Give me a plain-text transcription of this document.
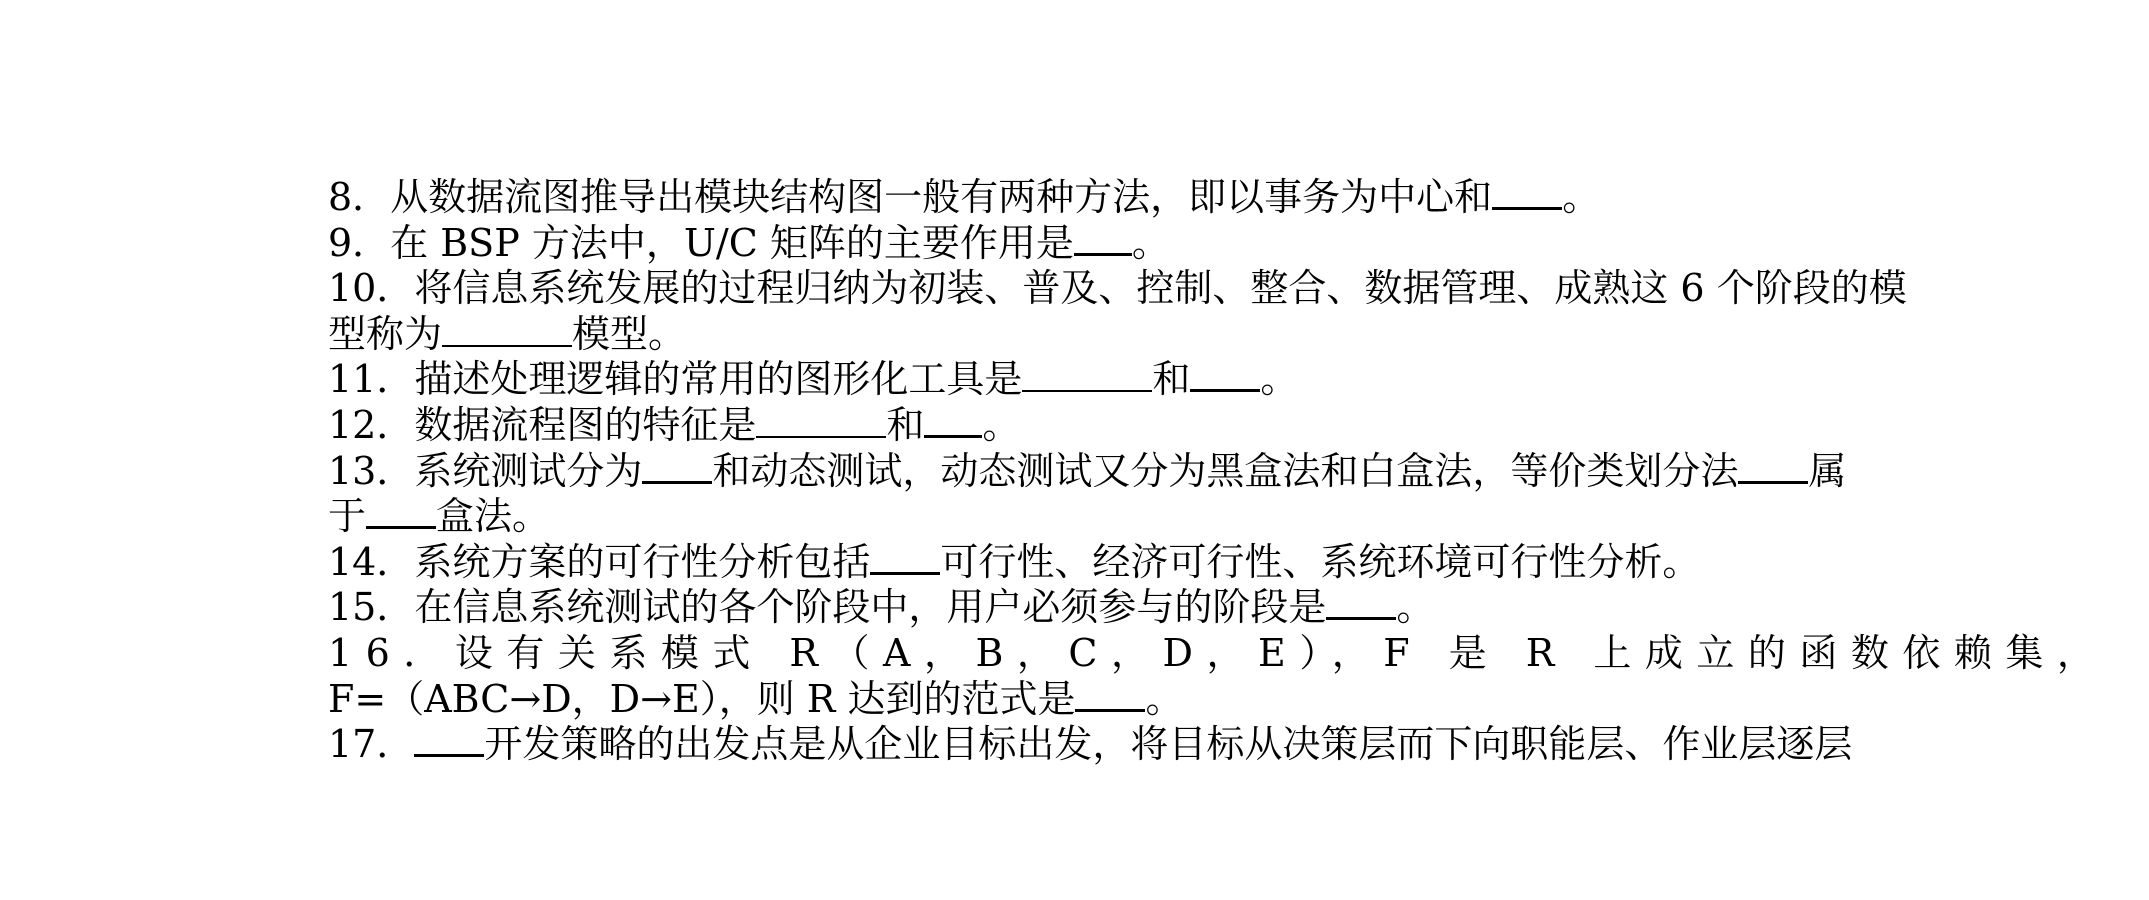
8．从数据流图推导出模块结构图一般有两种方法，即以事务为中心和 。
9．在 BSP 方法中，U/C 矩阵的主要作用是 。
10．将信息系统发展的过程归纳为初装、普及、控制、整合、数据管理、成熟这 6 个阶段的模
型称为	模型。
11．描述处理逻辑的常用的图形化工具是	和 。
12．数据流程图的特征是	和 。
13．系统测试分为 和动态测试，动态测试又分为黑盒法和白盒法，等价类划分法 属
于 盒法。
14．系统方案的可行性分析包括 可行性、经济可行性、系统环境可行性分析。
15．在信息系统测试的各个阶段中，用户必须参与的阶段是 。
16．设有关系模式 R（A，B，C，D，E），F 是 R 上成立的函数依赖集，
F=（ABC→D，D→E），则 R 达到的范式是 。
17． 开发策略的出发点是从企业目标出发，将目标从决策层而下向职能层、作业层逐层
